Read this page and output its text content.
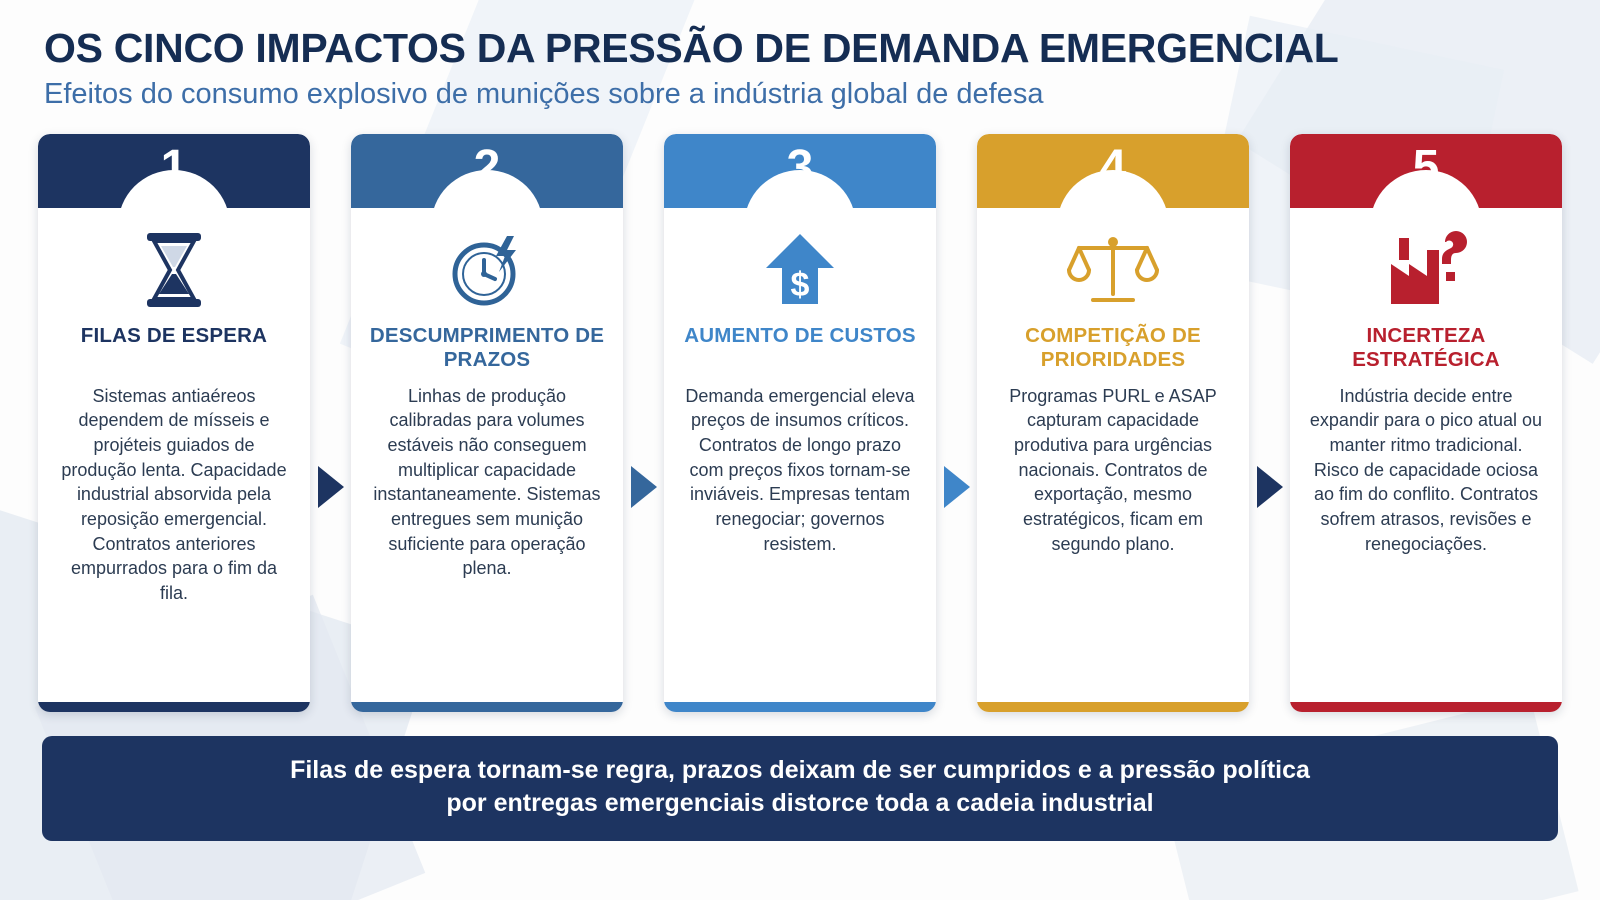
OS CINCO IMPACTOS DA PRESSÃO DE DEMANDA EMERGENCIAL
Efeitos do consumo explosivo de munições sobre a indústria global de defesa
1
FILAS DE ESPERA
Sistemas antiaéreos dependem de mísseis e projéteis guiados de produção lenta. Capacidade industrial absorvida pela reposição emergencial. Contratos anteriores empurrados para o fim da fila.
2
DESCUMPRIMENTO DE PRAZOS
Linhas de produção calibradas para volumes estáveis não conseguem multiplicar capacidade instantaneamente. Sistemas entregues sem munição suficiente para operação plena.
3
$
AUMENTO DE CUSTOS
Demanda emergencial eleva preços de insumos críticos. Contratos de longo prazo com preços fixos tornam-se inviáveis. Empresas tentam renegociar; governos resistem.
4
COMPETIÇÃO DE PRIORIDADES
Programas PURL e ASAP capturam capacidade produtiva para urgências nacionais. Contratos de exportação, mesmo estratégicos, ficam em segundo plano.
5
INCERTEZA ESTRATÉGICA
Indústria decide entre expandir para o pico atual ou manter ritmo tradicional. Risco de capacidade ociosa ao fim do conflito. Contratos sofrem atrasos, revisões e renegociações.
Filas de espera tornam-se regra, prazos deixam de ser cumpridos e a pressão política
por entregas emergenciais distorce toda a cadeia industrial
